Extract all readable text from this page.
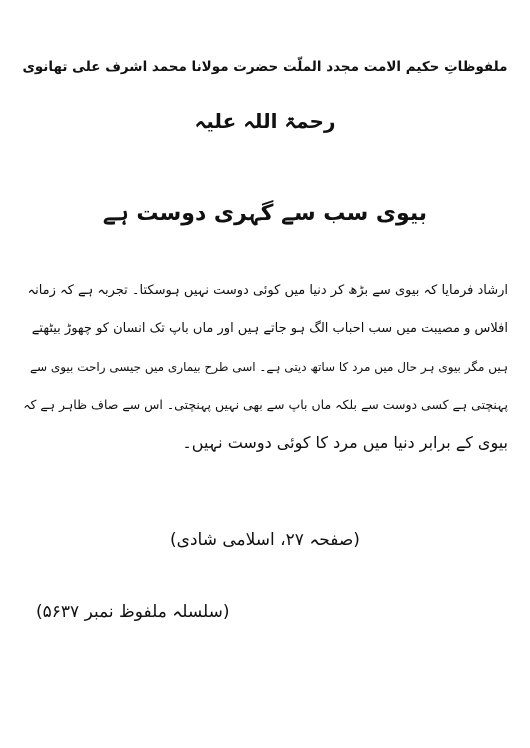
ملفوظاتِ حکیم الامت مجدد الملّت حضرت مولانا محمد اشرف علی تھانوی
رحمۃ اللہ علیہ
بیوی سب سے گہری دوست ہے
ارشاد فرمایا کہ بیوی سے بڑھ کر دنیا میں کوئی دوست نہیں ہوسکتا۔ تجربہ ہے کہ زمانہ
افلاس و مصیبت میں سب احباب الگ ہو جاتے ہیں اور ماں باپ تک انسان کو چھوڑ بیٹھتے
ہیں مگر بیوی ہر حال میں مرد کا ساتھ دیتی ہے۔ اسی طرح بیماری میں جیسی راحت بیوی سے
پہنچتی ہے کسی دوست سے بلکہ ماں باپ سے بھی نہیں پہنچتی۔ اس سے صاف ظاہر ہے کہ
بیوی کے برابر دنیا میں مرد کا کوئی دوست نہیں۔
(صفحہ ۲۷، اسلامی شادی)
(سلسلہ ملفوظ نمبر ۵۶۳۷)
